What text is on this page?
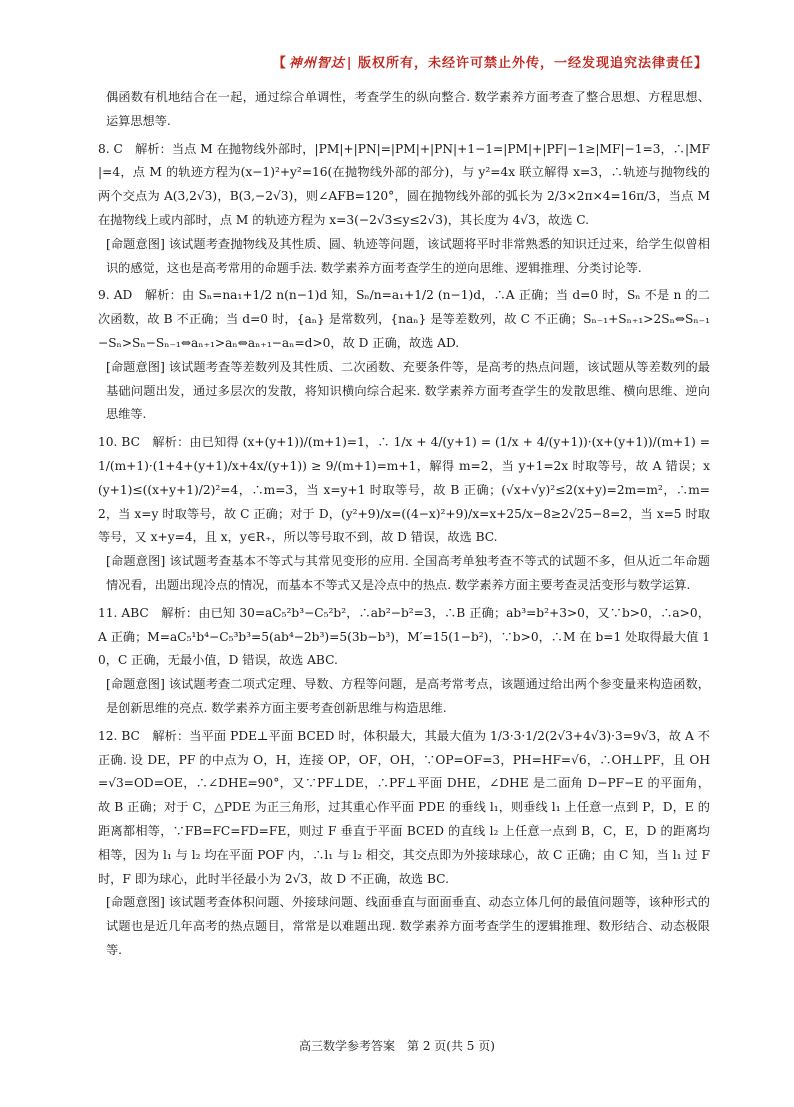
【 神州智达 | 版权所有，未经许可禁止外传，一经发现追究法律责任】

偶函数有机地结合在一起，通过综合单调性，考查学生的纵向整合. 数学素养方面考查了整合思想、方程思想、运算思想等.

8. C　解析：当点 M 在抛物线外部时，|PM|+|PN|=|PM|+|PN|+1−1=|PM|+|PF|−1≥|MF|−1=3，∴|MF|=4，点 M 的轨迹方程为(x−1)²+y²=16(在抛物线外部的部分)，与 y²=4x 联立解得 x=3，∴轨迹与抛物线的两个交点为 A(3,2√3)，B(3,−2√3)，则∠AFB=120°，圆在抛物线外部的弧长为 2/3×2π×4=16π/3，当点 M 在抛物线上或内部时，点 M 的轨迹方程为 x=3(−2√3≤y≤2√3)，其长度为 4√3，故选 C.

[命题意图] 该试题考查抛物线及其性质、圆、轨迹等问题，该试题将平时非常熟悉的知识迁过来，给学生似曾相识的感觉，这也是高考常用的命题手法. 数学素养方面考查学生的逆向思维、逻辑推理、分类讨论等.

9. AD　解析：由 Sₙ=na₁+1/2 n(n−1)d 知，Sₙ/n=a₁+1/2 (n−1)d，∴A 正确；当 d=0 时，Sₙ 不是 n 的二次函数，故 B 不正确；当 d=0 时，{aₙ} 是常数列，{naₙ} 是等差数列，故 C 不正确；Sₙ₋₁+Sₙ₊₁>2Sₙ⇔Sₙ₋₁−Sₙ>Sₙ−Sₙ₋₁⇔aₙ₊₁>aₙ⇔aₙ₊₁−aₙ=d>0，故 D 正确，故选 AD.

[命题意图] 该试题考查等差数列及其性质、二次函数、充要条件等，是高考的热点问题，该试题从等差数列的最基础问题出发，通过多层次的发散，将知识横向综合起来. 数学素养方面考查学生的发散思维、横向思维、逆向思维等.

10. BC　解析：由已知得 (x+(y+1))/(m+1)=1，∴ 1/x + 4/(y+1) = (1/x + 4/(y+1))·(x+(y+1))/(m+1) = 1/(m+1)·(1+4+(y+1)/x+4x/(y+1)) ≥ 9/(m+1)=m+1，解得 m=2，当 y+1=2x 时取等号，故 A 错误；x(y+1)≤((x+y+1)/2)²=4，∴m=3，当 x=y+1 时取等号，故 B 正确；(√x+√y)²≤2(x+y)=2m=m²，∴m=2，当 x=y 时取等号，故 C 正确；对于 D，(y²+9)/x=((4−x)²+9)/x=x+25/x−8≥2√25−8=2，当 x=5 时取等号，又 x+y=4，且 x，y∈R₊，所以等号取不到，故 D 错误，故选 BC.

[命题意图] 该试题考查基本不等式与其常见变形的应用. 全国高考单独考查不等式的试题不多，但从近二年命题情况看，出题出现冷点的情况，而基本不等式又是冷点中的热点. 数学素养方面主要考查灵活变形与数学运算.

11. ABC　解析：由已知 30=aC₅²b³−C₅²b²，∴ab²−b²=3，∴B 正确；ab³=b²+3>0，又∵b>0，∴a>0，A 正确；M=aC₅¹b⁴−C₅³b³=5(ab⁴−2b³)=5(3b−b³)，M′=15(1−b²)，∵b>0，∴M 在 b=1 处取得最大值 10，C 正确，无最小值，D 错误，故选 ABC.

[命题意图] 该试题考查二项式定理、导数、方程等问题，是高考常考点，该题通过给出两个参变量来构造函数，是创新思维的亮点. 数学素养方面主要考查创新思维与构造思维.

12. BC　解析：当平面 PDE⊥平面 BCED 时，体积最大，其最大值为 1/3·3·1/2(2√3+4√3)·3=9√3，故 A 不正确. 设 DE，PF 的中点为 O，H，连接 OP，OF，OH，∵OP=OF=3，PH=HF=√6，∴OH⊥PF，且 OH=√3=OD=OE，∴∠DHE=90°，又∵PF⊥DE，∴PF⊥平面 DHE，∠DHE 是二面角 D−PF−E 的平面角，故 B 正确；对于 C，△PDE 为正三角形，过其重心作平面 PDE 的垂线 l₁，则垂线 l₁ 上任意一点到 P，D，E 的距离都相等，∵FB=FC=FD=FE，则过 F 垂直于平面 BCED 的直线 l₂ 上任意一点到 B，C，E，D 的距离均相等，因为 l₁ 与 l₂ 均在平面 POF 内，∴l₁ 与 l₂ 相交，其交点即为外接球球心，故 C 正确；由 C 知，当 l₁ 过 F 时，F 即为球心，此时半径最小为 2√3，故 D 不正确，故选 BC.

[命题意图] 该试题考查体积问题、外接球问题、线面垂直与面面垂直、动态立体几何的最值问题等，该种形式的试题也是近几年高考的热点题目，常常是以难题出现. 数学素养方面考查学生的逻辑推理、数形结合、动态极限等.

高三数学参考答案　第 2 页(共 5 页)
